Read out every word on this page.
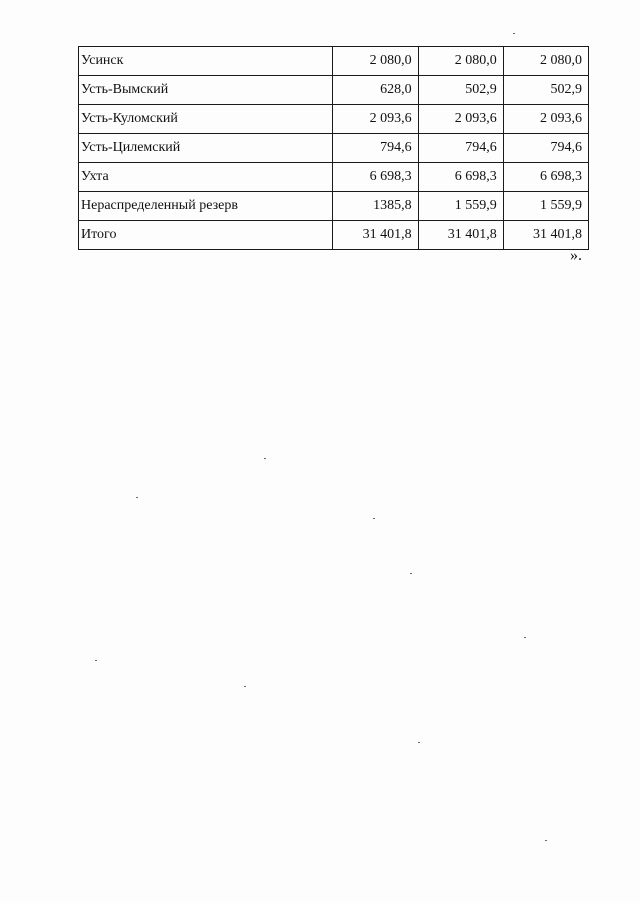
Усинск	2 080,0	2 080,0	2 080,0
Усть-Вымский	628,0	502,9	502,9
Усть-Куломский	2 093,6	2 093,6	2 093,6
Усть-Цилемский	794,6	794,6	794,6
Ухта	6 698,3	6 698,3	6 698,3
Нераспределенный резерв	1385,8	1 559,9	1 559,9
Итого	31 401,8	31 401,8	31 401,8
».
